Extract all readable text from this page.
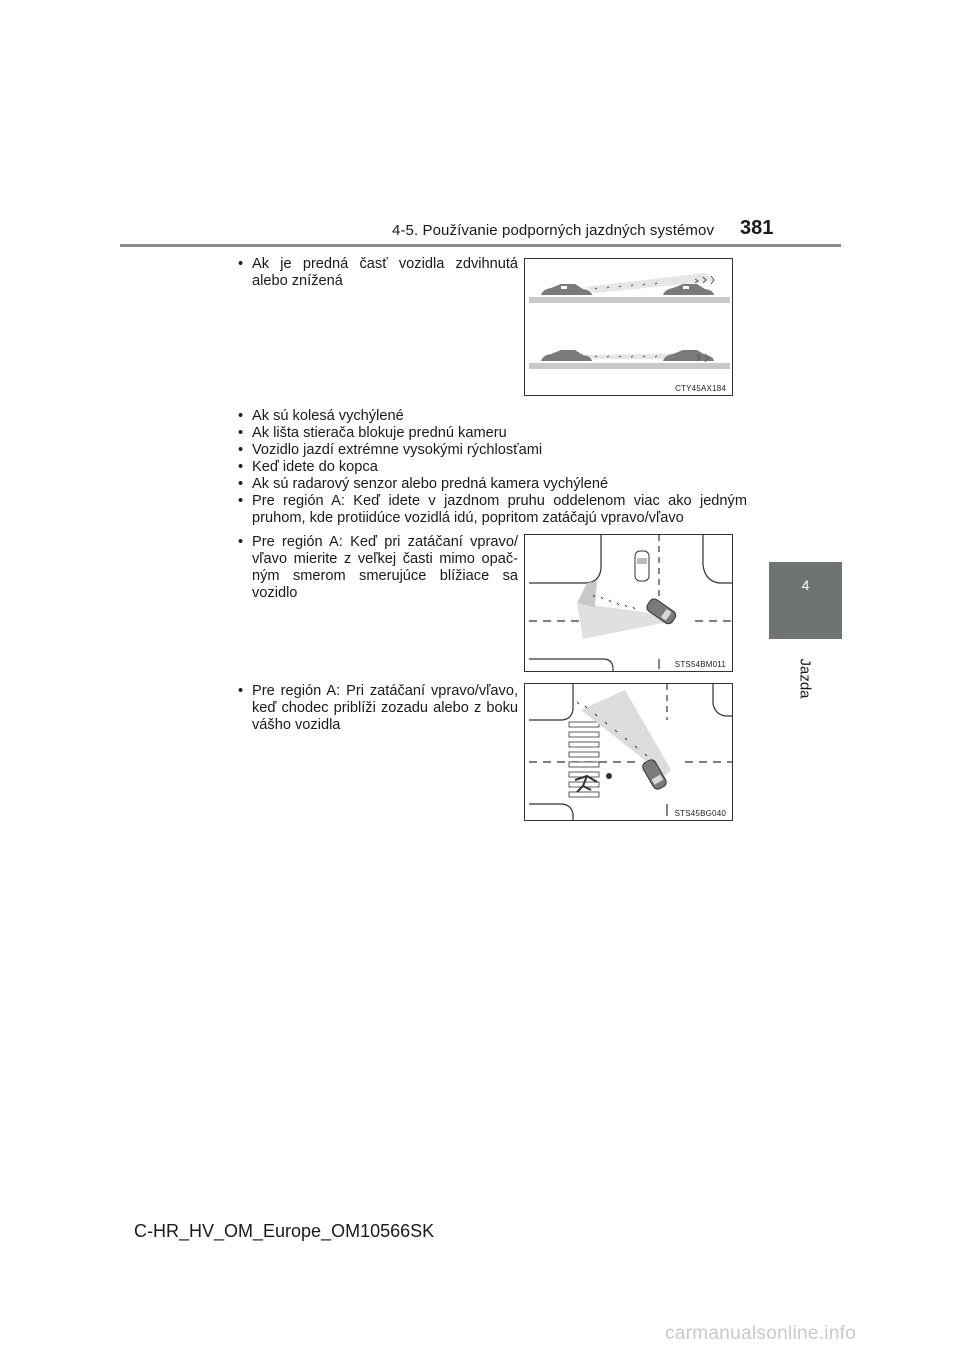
4-5. Používanie podporných jazdných systémov 381
4
Jazda
• Ak je predná časť vozidla zdvihnutá alebo znížená
CTY45AX184
• Ak sú kolesá vychýlené
• Ak lišta stierača blokuje prednú kameru
• Vozidlo jazdí extrémne vysokými rýchlosťami
• Keď idete do kopca
• Ak sú radarový senzor alebo predná kamera vychýlené
• Pre región A: Keď idete v jazdnom pruhu oddelenom viac ako jedným pruhom, kde protiidúce vozidlá idú, popritom zatáčajú vpravo/vľavo
• Pre región A: Keď pri zatáčaní vpravo/ vľavo mierite z veľkej časti mimo opač- ným smerom smerujúce blížiace sa vozidlo
STS54BM011
• Pre región A: Pri zatáčaní vpravo/vľavo, keď chodec priblíži zozadu alebo z boku vášho vozidla
STS45BG040
C-HR_HV_OM_Europe_OM10566SK
carmanualsonline.info
